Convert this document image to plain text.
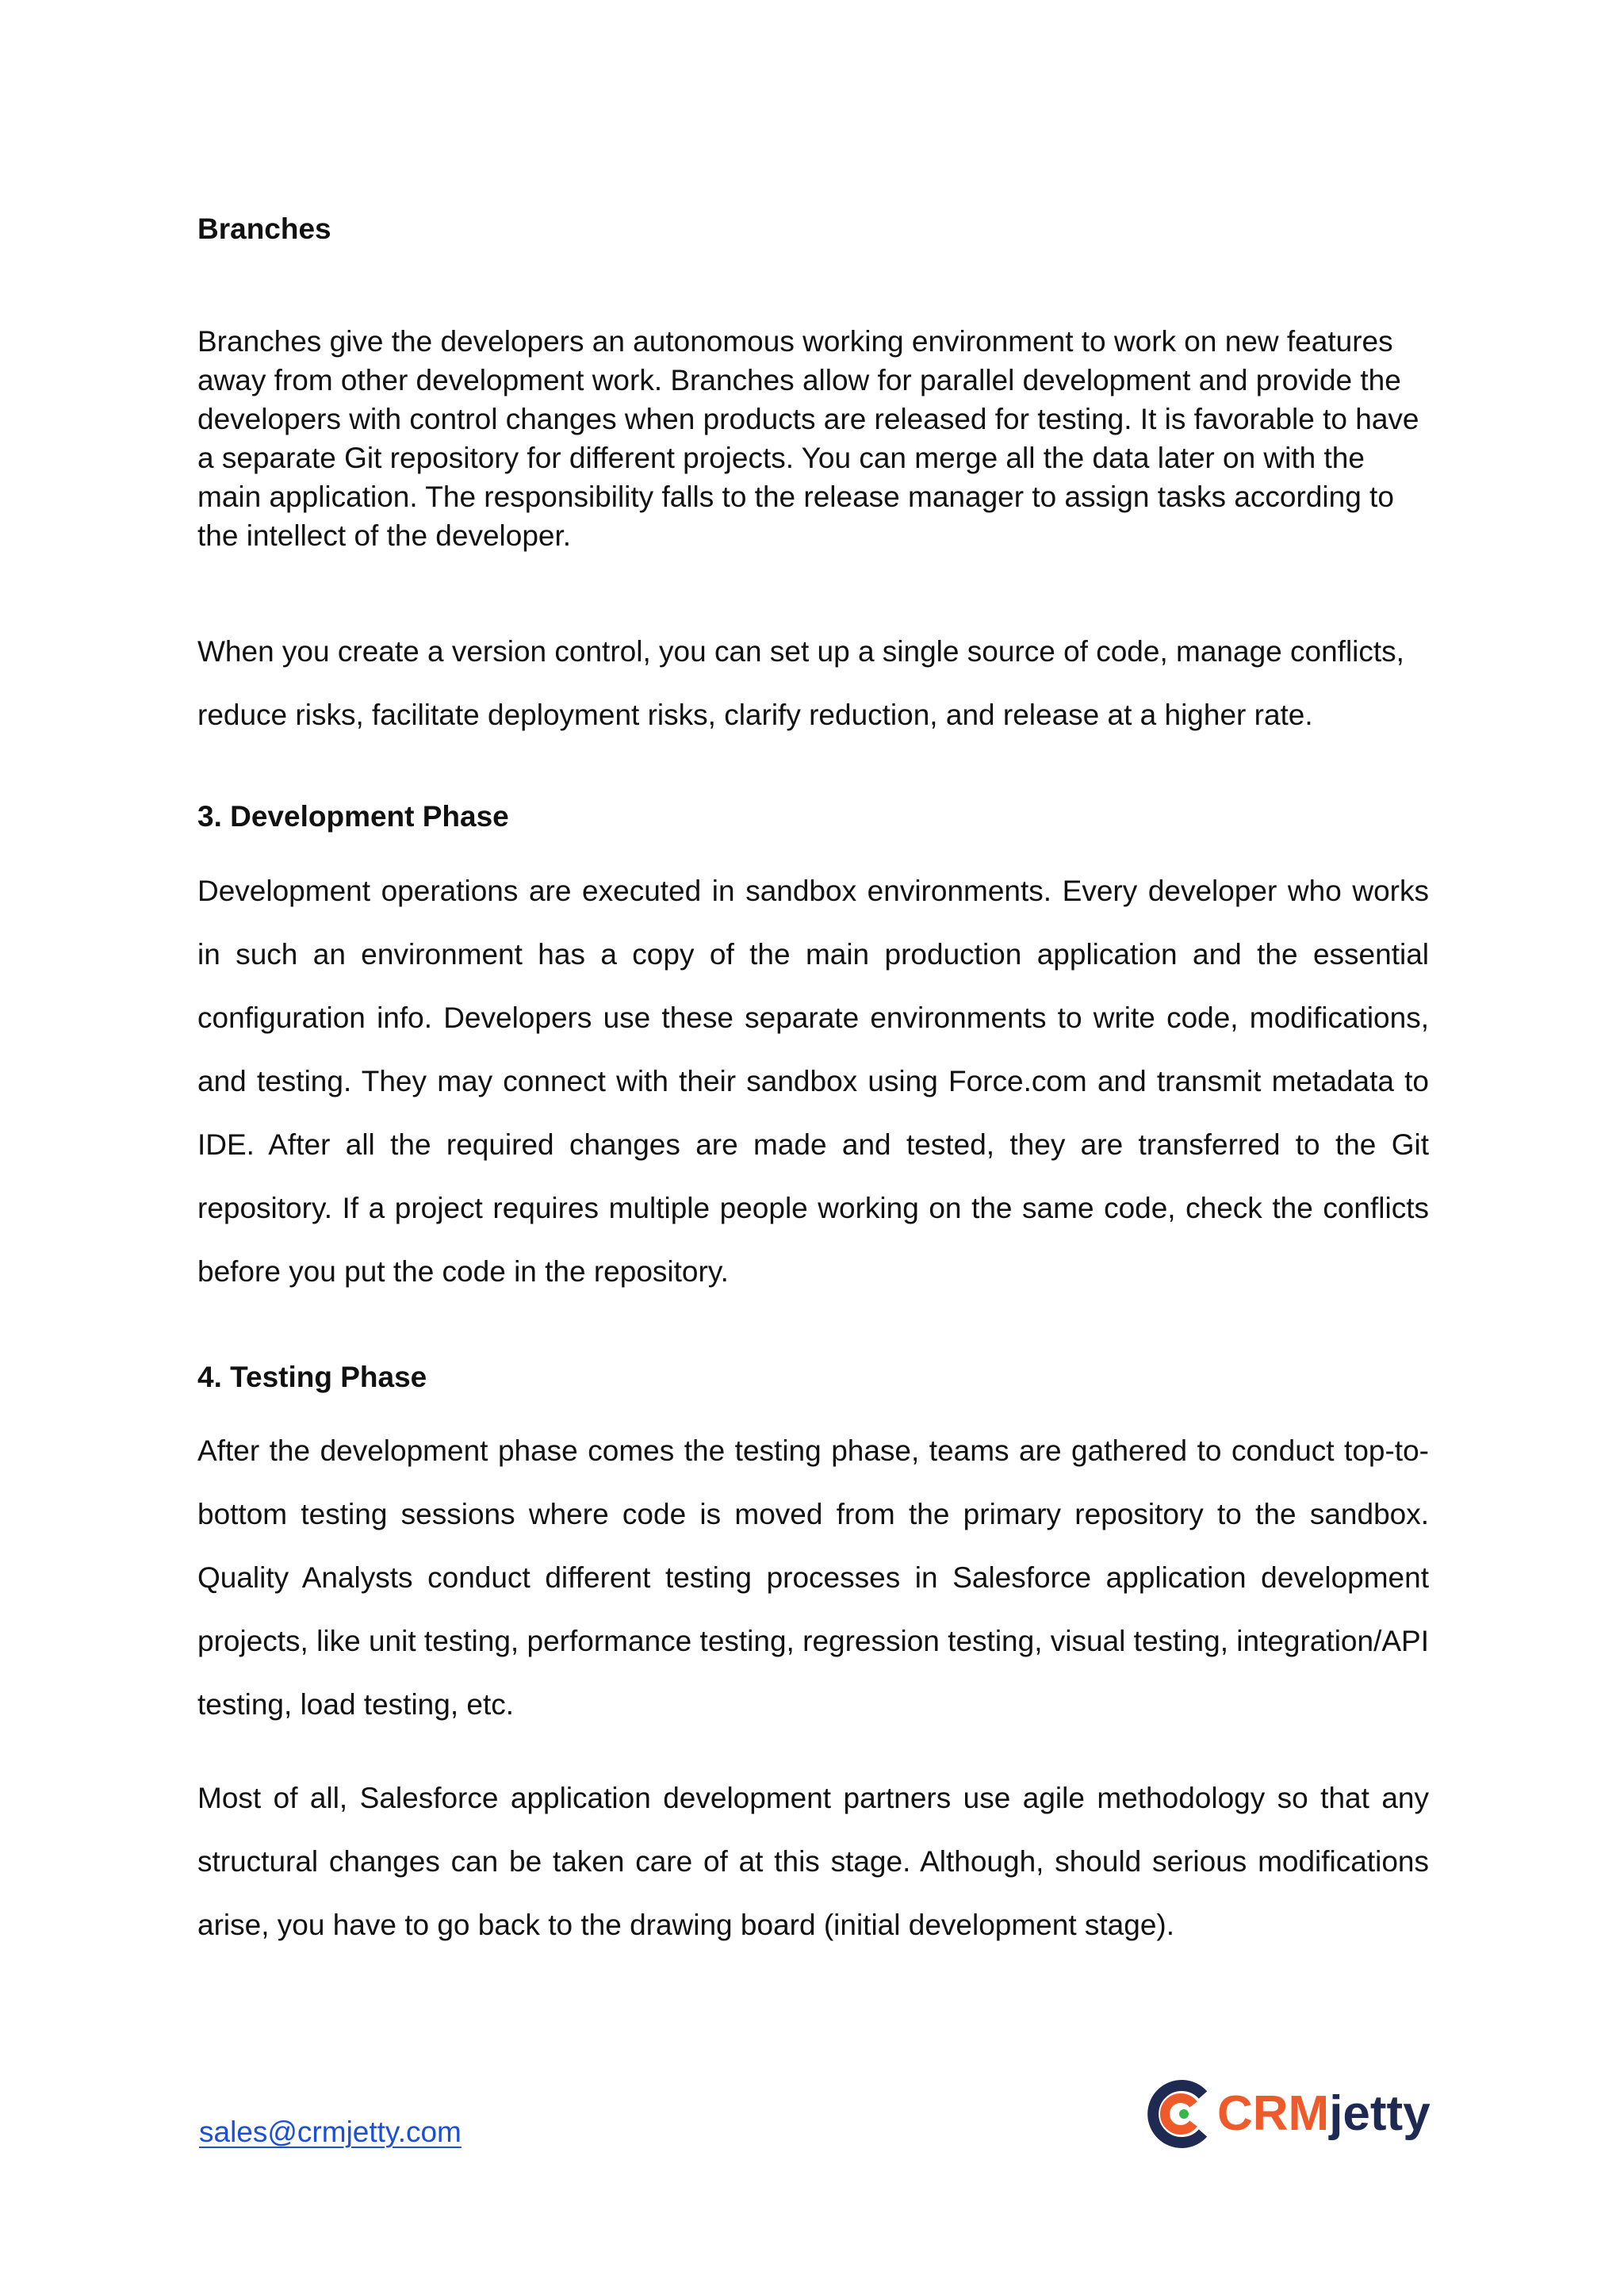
Branches

Branches give the developers an autonomous working environment to work on new features away from other development work. Branches allow for parallel development and provide the developers with control changes when products are released for testing. It is favorable to have a separate Git repository for different projects. You can merge all the data later on with the main application. The responsibility falls to the release manager to assign tasks according to the intellect of the developer.

When you create a version control, you can set up a single source of code, manage conflicts, reduce risks, facilitate deployment risks, clarify reduction, and release at a higher rate.

3. Development Phase

Development operations are executed in sandbox environments. Every developer who works in such an environment has a copy of the main production application and the essential configuration info. Developers use these separate environments to write code, modifications, and testing. They may connect with their sandbox using Force.com and transmit metadata to IDE. After all the required changes are made and tested, they are transferred to the Git repository. If a project requires multiple people working on the same code, check the conflicts before you put the code in the repository.

4. Testing Phase

After the development phase comes the testing phase, teams are gathered to conduct top-to-bottom testing sessions where code is moved from the primary repository to the sandbox. Quality Analysts conduct different testing processes in Salesforce application development projects, like unit testing, performance testing, regression testing, visual testing, integration/API testing, load testing, etc.

Most of all, Salesforce application development partners use agile methodology so that any structural changes can be taken care of at this stage. Although, should serious modifications arise, you have to go back to the drawing board (initial development stage).

sales@crmjetty.com	CRMjetty
